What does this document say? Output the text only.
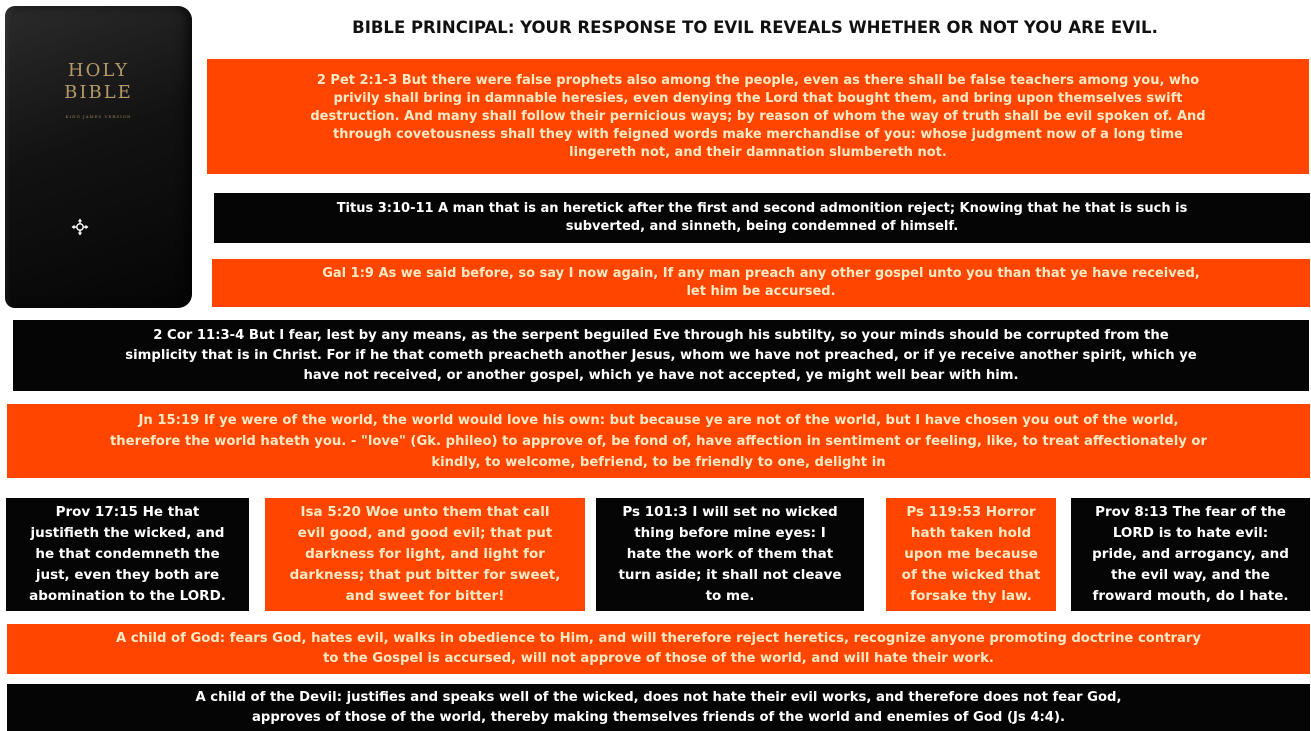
HOLY
BIBLE
KING JAMES VERSION
BIBLE PRINCIPAL: YOUR RESPONSE TO EVIL REVEALS WHETHER OR NOT YOU ARE EVIL.
2 Pet 2:1-3 But there were false prophets also among the people, even as there shall be false teachers among you, who
privily shall bring in damnable heresies, even denying the Lord that bought them, and bring upon themselves swift
destruction. And many shall follow their pernicious ways; by reason of whom the way of truth shall be evil spoken of. And
through covetousness shall they with feigned words make merchandise of you: whose judgment now of a long time
lingereth not, and their damnation slumbereth not.
Titus 3:10-11 A man that is an heretick after the first and second admonition reject; Knowing that he that is such is
subverted, and sinneth, being condemned of himself.
Gal 1:9 As we said before, so say I now again, If any man preach any other gospel unto you than that ye have received,
let him be accursed.
2 Cor 11:3-4 But I fear, lest by any means, as the serpent beguiled Eve through his subtilty, so your minds should be corrupted from the
simplicity that is in Christ. For if he that cometh preacheth another Jesus, whom we have not preached, or if ye receive another spirit, which ye
have not received, or another gospel, which ye have not accepted, ye might well bear with him.
Jn 15:19 If ye were of the world, the world would love his own: but because ye are not of the world, but I have chosen you out of the world,
therefore the world hateth you. - "love" (Gk. phileo) to approve of, be fond of, have affection in sentiment or feeling, like, to treat affectionately or
kindly, to welcome, befriend, to be friendly to one, delight in
Prov 17:15 He that
justifieth the wicked, and
he that condemneth the
just, even they both are
abomination to the LORD.
Isa 5:20 Woe unto them that call
evil good, and good evil; that put
darkness for light, and light for
darkness; that put bitter for sweet,
and sweet for bitter!
Ps 101:3 I will set no wicked
thing before mine eyes: I
hate the work of them that
turn aside; it shall not cleave
to me.
Ps 119:53 Horror
hath taken hold
upon me because
of the wicked that
forsake thy law.
Prov 8:13 The fear of the
LORD is to hate evil:
pride, and arrogancy, and
the evil way, and the
froward mouth, do I hate.
A child of God: fears God, hates evil, walks in obedience to Him, and will therefore reject heretics, recognize anyone promoting doctrine contrary
to the Gospel is accursed, will not approve of those of the world, and will hate their work.
A child of the Devil: justifies and speaks well of the wicked, does not hate their evil works, and therefore does not fear God,
approves of those of the world, thereby making themselves friends of the world and enemies of God (Js 4:4).
